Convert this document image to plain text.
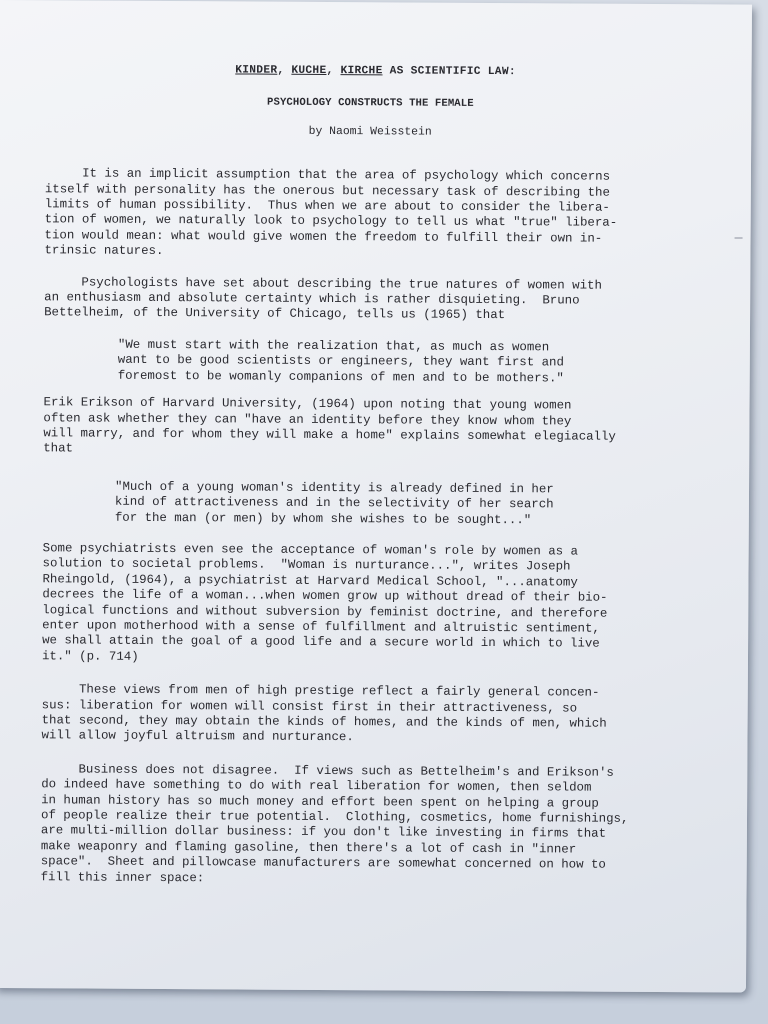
KINDER, KUCHE, KIRCHE AS SCIENTIFIC LAW:
PSYCHOLOGY CONSTRUCTS THE FEMALE
by Naomi Weisstein

It is an implicit assumption that the area of psychology which concerns
itself with personality has the onerous but necessary task of describing the
limits of human possibility.  Thus when we are about to consider the libera-
tion of women, we naturally look to psychology to tell us what "true" libera-
tion would mean: what would give women the freedom to fulfill their own in-
trinsic natures.

Psychologists have set about describing the true natures of women with
an enthusiasm and absolute certainty which is rather disquieting.  Bruno
Bettelheim, of the University of Chicago, tells us (1965) that

"We must start with the realization that, as much as women
want to be good scientists or engineers, they want first and
foremost to be womanly companions of men and to be mothers."

Erik Erikson of Harvard University, (1964) upon noting that young women
often ask whether they can "have an identity before they know whom they
will marry, and for whom they will make a home" explains somewhat elegiacally
that

"Much of a young woman's identity is already defined in her
kind of attractiveness and in the selectivity of her search
for the man (or men) by whom she wishes to be sought..."

Some psychiatrists even see the acceptance of woman's role by women as a
solution to societal problems.  "Woman is nurturance...", writes Joseph
Rheingold, (1964), a psychiatrist at Harvard Medical School, "...anatomy
decrees the life of a woman...when women grow up without dread of their bio-
logical functions and without subversion by feminist doctrine, and therefore
enter upon motherhood with a sense of fulfillment and altruistic sentiment,
we shall attain the goal of a good life and a secure world in which to live
it." (p. 714)

These views from men of high prestige reflect a fairly general concen-
sus: liberation for women will consist first in their attractiveness, so
that second, they may obtain the kinds of homes, and the kinds of men, which
will allow joyful altruism and nurturance.

Business does not disagree.  If views such as Bettelheim's and Erikson's
do indeed have something to do with real liberation for women, then seldom
in human history has so much money and effort been spent on helping a group
of people realize their true potential.  Clothing, cosmetics, home furnishings,
are multi-million dollar business: if you don't like investing in firms that
make weaponry and flaming gasoline, then there's a lot of cash in "inner
space".  Sheet and pillowcase manufacturers are somewhat concerned on how to
fill this inner space:
